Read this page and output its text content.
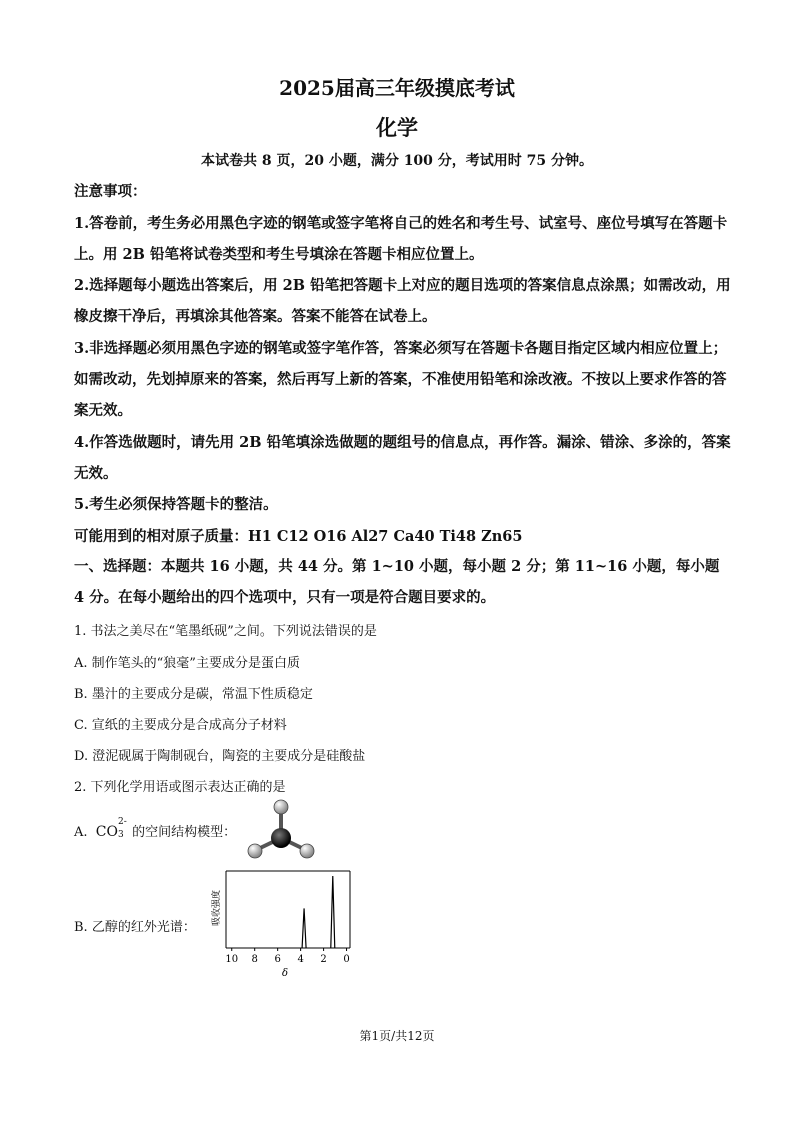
2025届高三年级摸底考试
化学
本试卷共 8 页，20 小题，满分 100 分，考试用时 75 分钟。
注意事项：
1.答卷前，考生务必用黑色字迹的钢笔或签字笔将自己的姓名和考生号、试室号、座位号填写在答题卡上。用 2B 铅笔将试卷类型和考生号填涂在答题卡相应位置上。
2.选择题每小题选出答案后，用 2B 铅笔把答题卡上对应的题目选项的答案信息点涂黑；如需改动，用橡皮擦干净后，再填涂其他答案。答案不能答在试卷上。
3.非选择题必须用黑色字迹的钢笔或签字笔作答，答案必须写在答题卡各题目指定区域内相应位置上；如需改动，先划掉原来的答案，然后再写上新的答案，不准使用铅笔和涂改液。不按以上要求作答的答案无效。
4.作答选做题时，请先用 2B 铅笔填涂选做题的题组号的信息点，再作答。漏涂、错涂、多涂的，答案无效。
5.考生必须保持答题卡的整洁。
可能用到的相对原子质量：H1 C12 O16 Al27 Ca40 Ti48 Zn65
一、选择题：本题共 16 小题，共 44 分。第 1~10 小题，每小题 2 分；第 11~16 小题，每小题 4 分。在每小题给出的四个选项中，只有一项是符合题目要求的。
1. 书法之美尽在“笔墨纸砚”之间。下列说法错误的是
A. 制作笔头的“狼毫”主要成分是蛋白质
B. 墨汁的主要成分是碳，常温下性质稳定
C. 宣纸的主要成分是合成高分子材料
D. 澄泥砚属于陶制砚台，陶瓷的主要成分是硅酸盐
2. 下列化学用语或图示表达正确的是
A. CO
2-
3 的空间结构模型：
B. 乙醇的红外光谱：
吸收强度
10 8 6 4 2 0
δ
第1页/共12页
